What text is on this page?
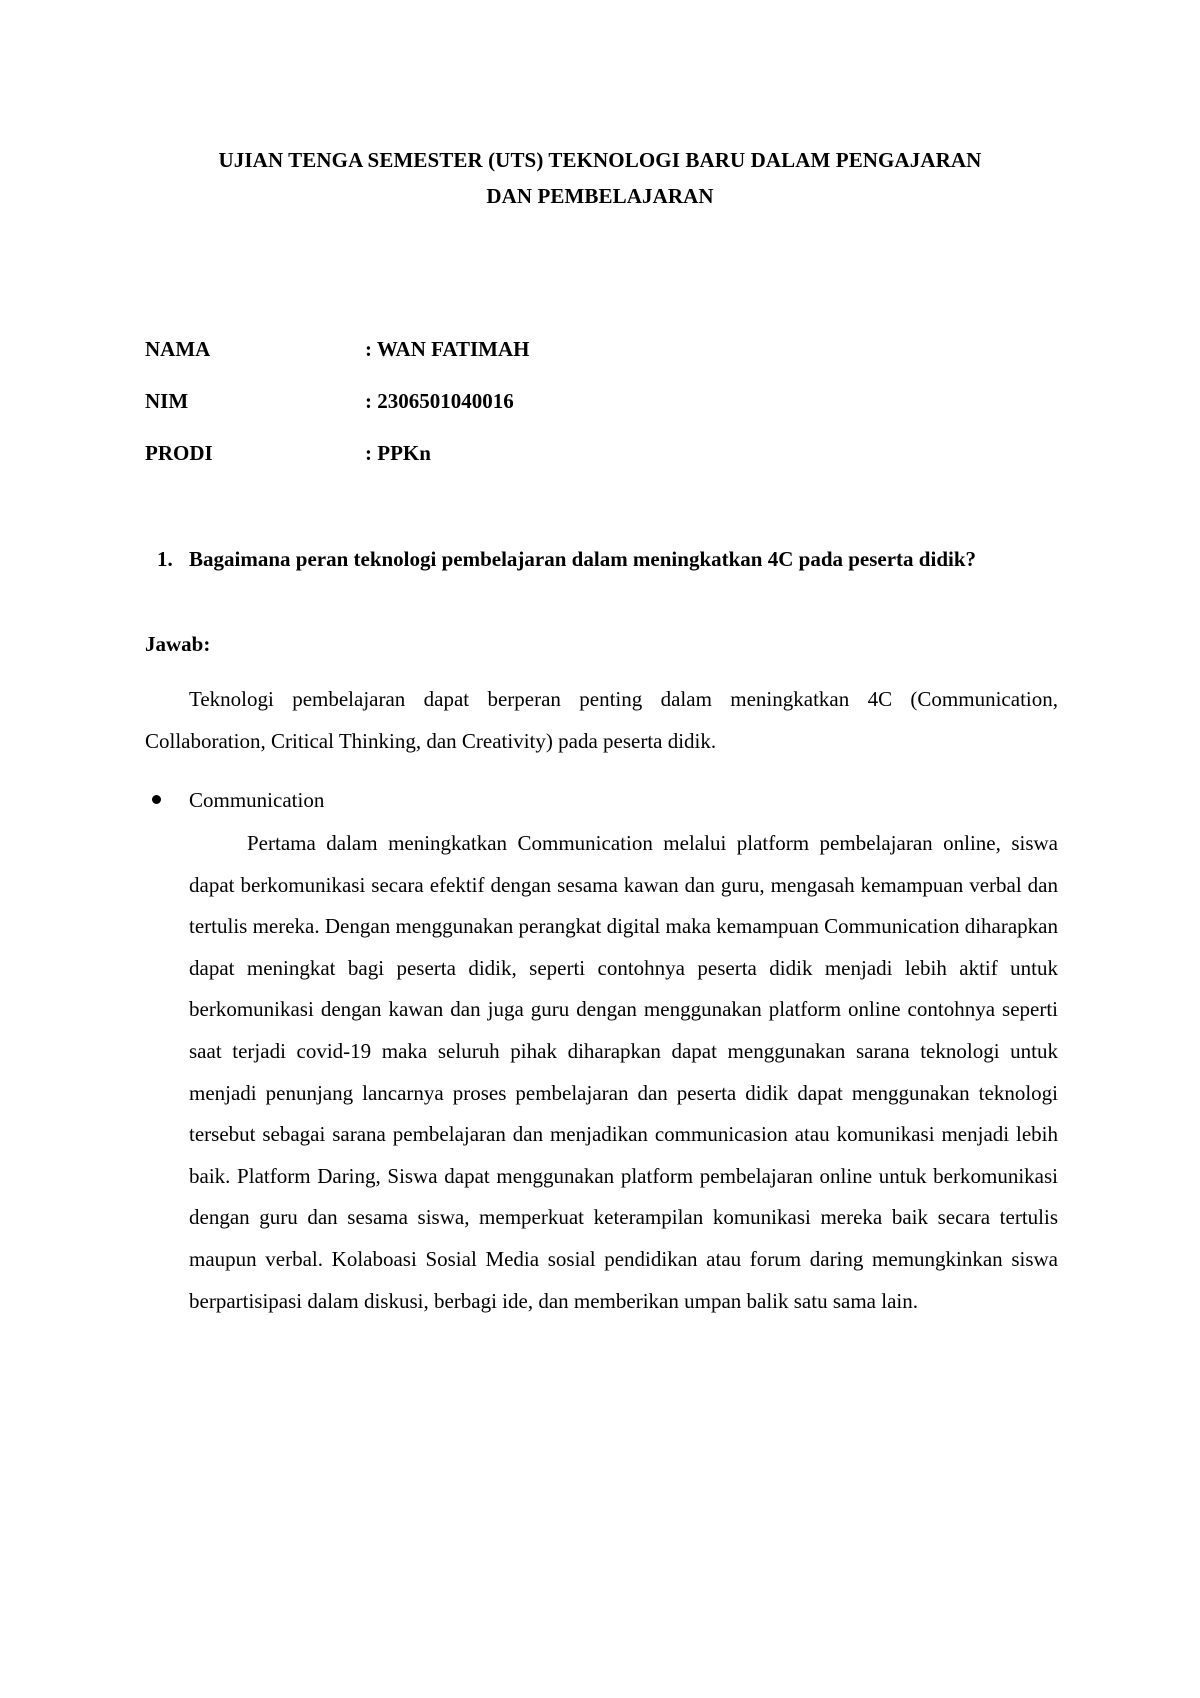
UJIAN TENGA SEMESTER (UTS) TEKNOLOGI BARU DALAM PENGAJARAN
DAN PEMBELAJARAN
NAMA	: WAN FATIMAH
NIM	: 2306501040016
PRODI	: PPKn
1. Bagaimana peran teknologi pembelajaran dalam meningkatkan 4C pada peserta didik?
Jawab:
Teknologi pembelajaran dapat berperan penting dalam meningkatkan 4C (Communication, Collaboration, Critical Thinking, dan Creativity) pada peserta didik.
Communication
Pertama dalam meningkatkan Communication melalui platform pembelajaran online, siswa dapat berkomunikasi secara efektif dengan sesama kawan dan guru, mengasah kemampuan verbal dan tertulis mereka. Dengan menggunakan perangkat digital maka kemampuan Communication diharapkan dapat meningkat bagi peserta didik, seperti contohnya peserta didik menjadi lebih aktif untuk berkomunikasi dengan kawan dan juga guru dengan menggunakan platform online contohnya seperti saat terjadi covid-19 maka seluruh pihak diharapkan dapat menggunakan sarana teknologi untuk menjadi penunjang lancarnya proses pembelajaran dan peserta didik dapat menggunakan teknologi tersebut sebagai sarana pembelajaran dan menjadikan communicasion atau komunikasi menjadi lebih baik. Platform Daring, Siswa dapat menggunakan platform pembelajaran online untuk berkomunikasi dengan guru dan sesama siswa, memperkuat keterampilan komunikasi mereka baik secara tertulis maupun verbal. Kolaboasi Sosial Media sosial pendidikan atau forum daring memungkinkan siswa berpartisipasi dalam diskusi, berbagi ide, dan memberikan umpan balik satu sama lain.
